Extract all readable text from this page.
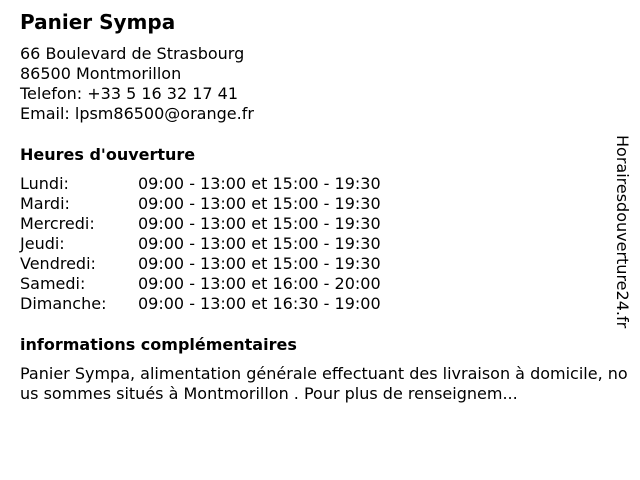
Panier Sympa
66 Boulevard de Strasbourg
86500 Montmorillon
Telefon: +33 5 16 32 17 41
Email: lpsm86500@orange.fr
Heures d'ouverture
Lundi:	09:00 - 13:00 et 15:00 - 19:30
Mardi:	09:00 - 13:00 et 15:00 - 19:30
Mercredi:	09:00 - 13:00 et 15:00 - 19:30
Jeudi:	09:00 - 13:00 et 15:00 - 19:30
Vendredi:	09:00 - 13:00 et 15:00 - 19:30
Samedi:	09:00 - 13:00 et 16:00 - 20:00
Dimanche:	09:00 - 13:00 et 16:30 - 19:00
informations complémentaires
Panier Sympa, alimentation générale effectuant des livraison à domicile, nous sommes situés à Montmorillon . Pour plus de renseignem...
Horairesdouverture24.fr
